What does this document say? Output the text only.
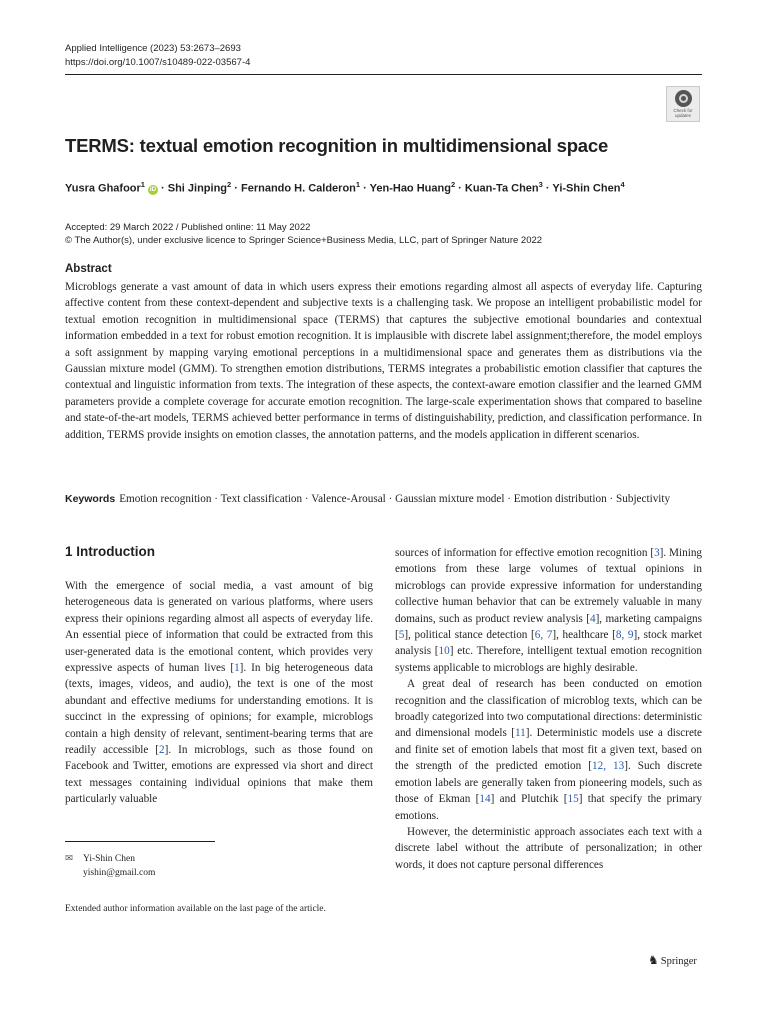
Applied Intelligence (2023) 53:2673–2693
https://doi.org/10.1007/s10489-022-03567-4
Check for
updates
TERMS: textual emotion recognition in multidimensional space
Yusra Ghafoor$^1$iD · Shi Jinping$^2$ · Fernando H. Calderon$^1$ · Yen-Hao Huang$^2$ · Kuan-Ta Chen$^3$ · Yi-Shin Chen$^4$
Accepted: 29 March 2022 / Published online: 11 May 2022
© The Author(s), under exclusive licence to Springer Science+Business Media, LLC, part of Springer Nature 2022
Abstract
Microblogs generate a vast amount of data in which users express their emotions regarding almost all aspects of everyday life. Capturing affective content from these context-dependent and subjective texts is a challenging task. We propose an intelligent probabilistic model for textual emotion recognition in multidimensional space (TERMS) that captures the subjective emotional boundaries and contextual information embedded in a text for robust emotion recognition. It is implausible with discrete label assignment;therefore, the model employs a soft assignment by mapping varying emotional perceptions in a multidimensional space and generates them as distributions via the Gaussian mixture model (GMM). To strengthen emotion distributions, TERMS integrates a probabilistic emotion classifier that captures the contextual and linguistic information from texts. The integration of these aspects, the context-aware emotion classifier and the learned GMM parameters provide a complete coverage for accurate emotion recognition. The large-scale experimentation shows that compared to baseline and state-of-the-art models, TERMS achieved better performance in terms of distinguishability, prediction, and classification performance. In addition, TERMS provide insights on emotion classes, the annotation patterns, and the models application in different scenarios.
Keywords Emotion recognition · Text classification · Valence-Arousal · Gaussian mixture model · Emotion distribution · Subjectivity
1 Introduction

With the emergence of social media, a vast amount of big heterogeneous data is generated on various platforms, where users express their opinions regarding almost all aspects of everyday life. An essential piece of information that could be extracted from this user-generated data is the emotional content, which provides very expressive aspects of human lives [1]. In big heterogeneous data (texts, images, videos, and audio), the text is one of the most abundant and effective mediums for understanding emotions. It is succinct in the expressing of opinions; for example, microblogs contain a high density of relevant, sentiment-bearing terms that are readily accessible [2]. In microblogs, such as those found on Facebook and Twitter, emotions are expressed via short and direct text messages containing individual opinions that make them particularly valuable

sources of information for effective emotion recognition [3]. Mining emotions from these large volumes of textual opinions in microblogs can provide expressive information for understanding collective human behavior that can be extremely valuable in many domains, such as product review analysis [4], marketing campaigns [5], political stance detection [6, 7], healthcare [8, 9], stock market analysis [10] etc. Therefore, intelligent textual emotion recognition systems applicable to microblogs are highly desirable.

A great deal of research has been conducted on emotion recognition and the classification of microblog texts, which can be broadly categorized into two computational directions: deterministic and dimensional models [11]. Deterministic models use a discrete and finite set of emotion labels that most fit a given text, based on the strength of the predicted emotion [12, 13]. Such discrete emotion labels are generally taken from pioneering models, such as those of Ekman [14] and Plutchik [15] that specify the primary emotions.

However, the deterministic approach associates each text with a discrete label without the attribute of personalization; in other words, it does not capture personal differences

✉ Yi-Shin Chen
yishin@gmail.com
Extended author information available on the last page of the article.
♞ Springer
